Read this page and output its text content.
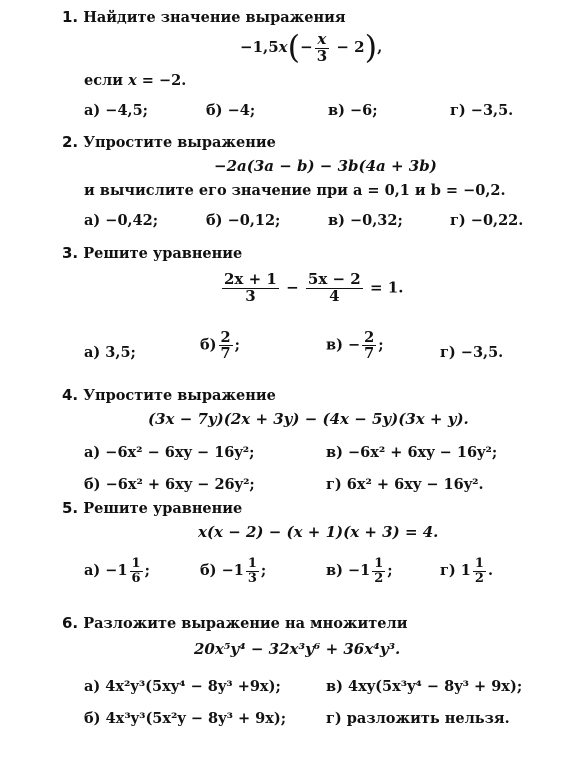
1. Найдите значение выражения
$-1,5x(- \frac{x}{3} - 2)$,
если x = −2.
а) −4,5;	б) −4;	в) −6;	г) −3,5.
2. Упростите выражение
−2a(3a − b) − 3b(4a + 3b)
и вычислите его значение при a = 0,1 и b = −0,2.
а) −0,42;	б) −0,12;	в) −0,32;	г) −0,22.
3. Решите уравнение
$\frac{2x + 1}{3} - \frac{5x - 2}{4} = 1$.
а) 3,5;	$б) \frac{2}{7}$ ;	$в) - \frac{2}{7}$ ;	г) −3,5.
4. Упростите выражение
(3x − 7y)(2x + 3y) − (4x − 5y)(3x + y).
а) −6x² − 6xy − 16y²;	в) −6x² + 6xy − 16y²;
б) −6x² + 6xy − 26y²;	г) 6x² + 6xy − 16y².
5. Решите уравнение
x(x − 2) − (x + 1)(x + 3) = 4.
$а) -1 \frac{1}{6}$ ;	$б) -1 \frac{1}{3}$ ;	$в) -1 \frac{1}{2}$ ;	г) $1 \frac{1}{2}$ .
6. Разложите выражение на множители
20x⁵y⁴ − 32x³y⁶ + 36x⁴y³.
а) 4x²y³(5xy⁴ − 8y³ +9x);	в) 4xy(5x³y⁴ − 8y³ + 9x);
б) 4x³y³(5x²y − 8y³ + 9x);	г) разложить нельзя.
